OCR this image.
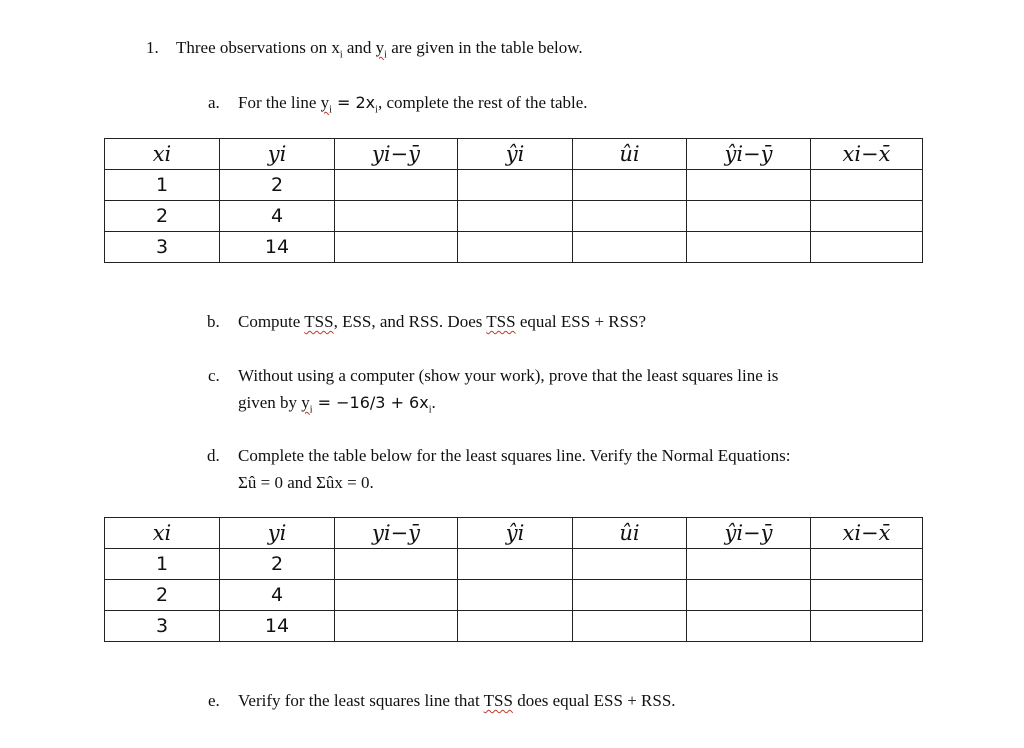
1. Three observations on $x_i$ and $y_i$ are given in the table below.
a. For the line $y_i = 2x_i$, complete the rest of the table.
xi	yi	yi−ȳ	ŷi	ûi	ŷi−ȳ	xi−x̄
1	2					
2	4					
3	14					
b. Compute TSS, ESS, and RSS. Does TSS equal ESS + RSS?
c. Without using a computer (show your work), prove that the least squares line is
given by $y_i = -16/3 + 6x_i$.
d. Complete the table below for the least squares line. Verify the Normal Equations:
Σû = 0 and Σûx = 0.
xi	yi	yi−ȳ	ŷi	ûi	ŷi−ȳ	xi−x̄
1	2					
2	4					
3	14					
e. Verify for the least squares line that TSS does equal ESS + RSS.
